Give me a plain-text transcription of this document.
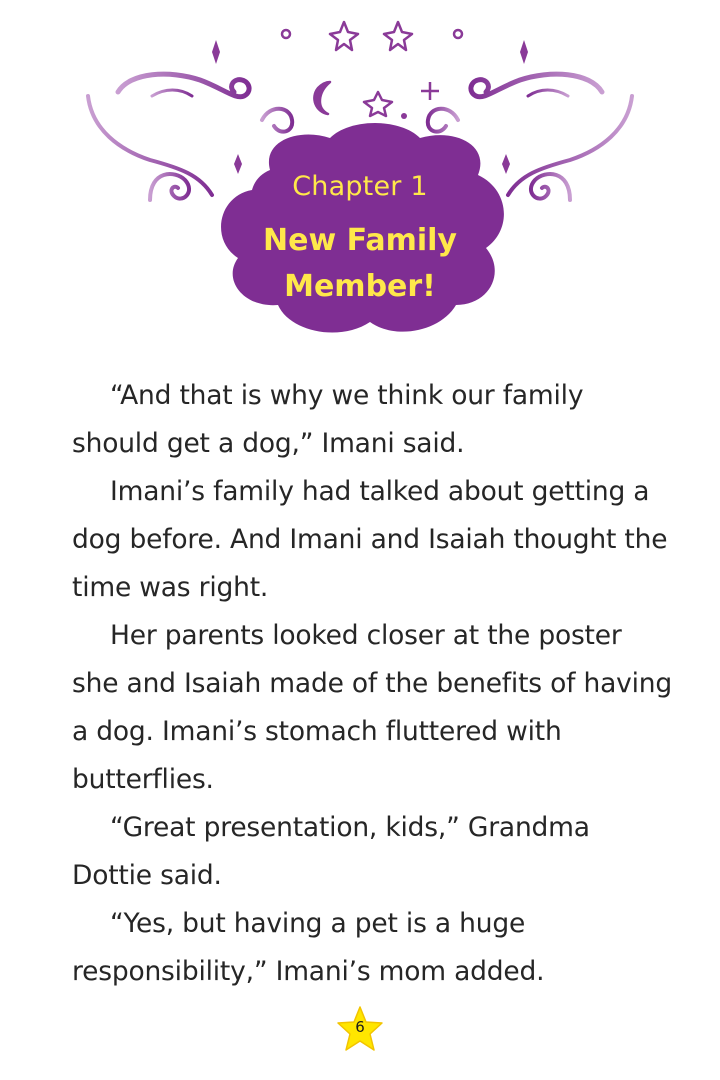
Chapter 1
New Family
Member!

“And that is why we think our family should get a dog,” Imani said.

Imani’s family had talked about getting a dog before. And Imani and Isaiah thought the time was right.

Her parents looked closer at the poster she and Isaiah made of the benefits of having a dog. Imani’s stomach fluttered with butterflies.

“Great presentation, kids,” Grandma Dottie said.

“Yes, but having a pet is a huge responsibility,” Imani’s mom added.

6
